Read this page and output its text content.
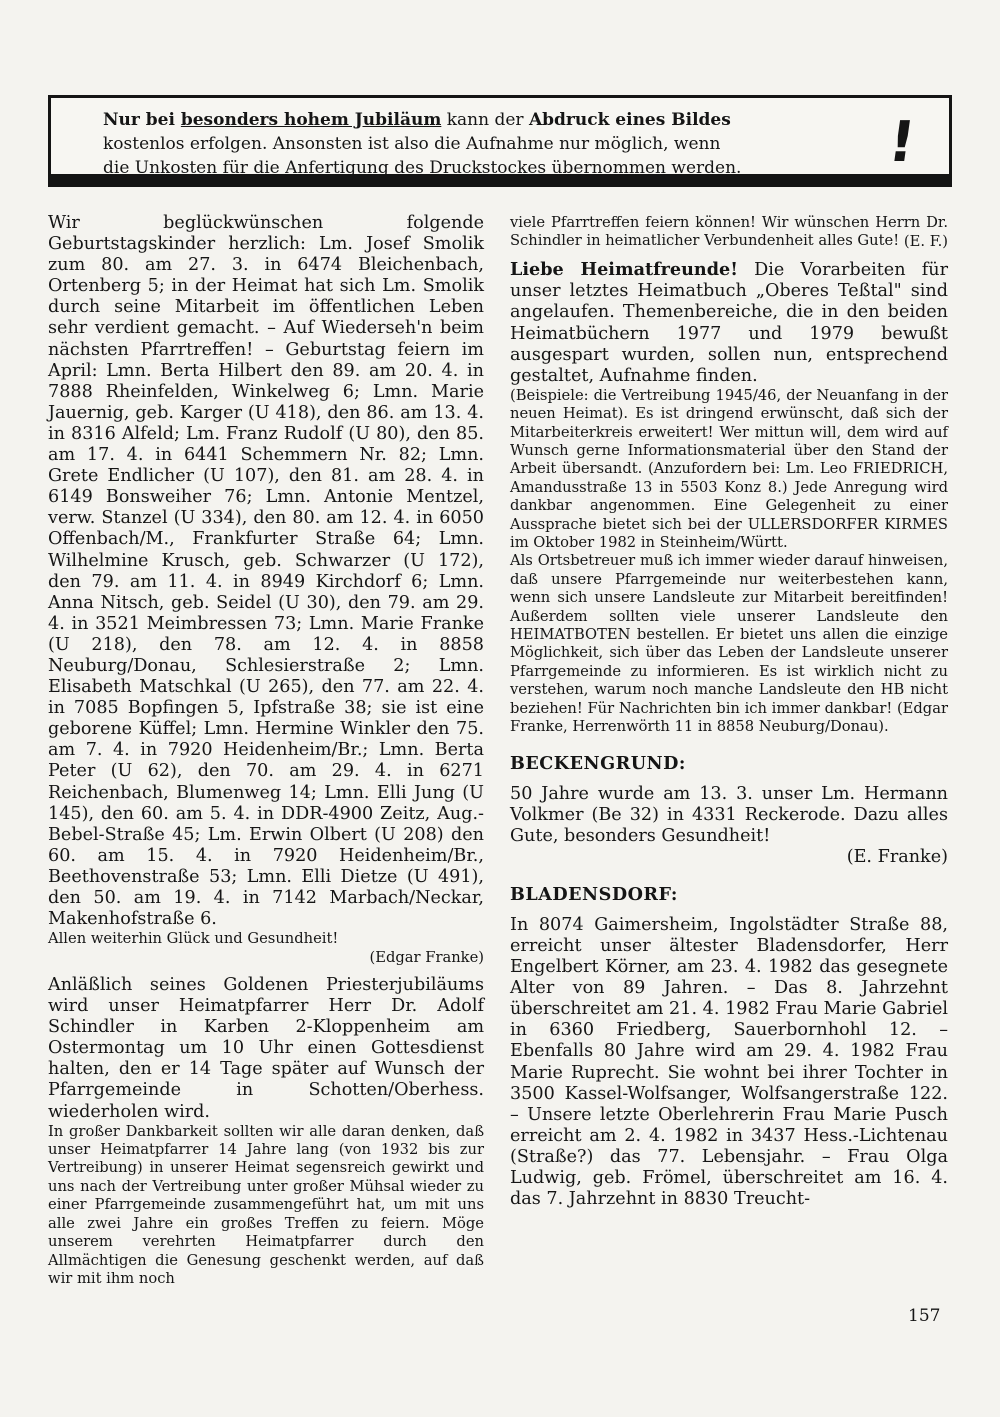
Nur bei besonders hohem Jubiläum kann der Abdruck eines Bildes
kostenlos erfolgen. Ansonsten ist also die Aufnahme nur möglich, wenn
die Unkosten für die Anfertigung des Druckstockes übernommen werden.	!

Wir beglückwünschen folgende Geburtstagskinder herzlich: Lm. Josef Smolik zum 80. am 27. 3. in 6474 Bleichenbach, Ortenberg 5; in der Heimat hat sich Lm. Smolik durch seine Mitarbeit im öffentlichen Leben sehr verdient gemacht. – Auf Wiederseh'n beim nächsten Pfarrtreffen! – Geburtstag feiern im April: Lmn. Berta Hilbert den 89. am 20. 4. in 7888 Rheinfelden, Winkelweg 6; Lmn. Marie Jauernig, geb. Karger (U 418), den 86. am 13. 4. in 8316 Alfeld; Lm. Franz Rudolf (U 80), den 85. am 17. 4. in 6441 Schemmern Nr. 82; Lmn. Grete Endlicher (U 107), den 81. am 28. 4. in 6149 Bonsweiher 76; Lmn. Antonie Mentzel, verw. Stanzel (U 334), den 80. am 12. 4. in 6050 Offenbach/M., Frankfurter Straße 64; Lmn. Wilhelmine Krusch, geb. Schwarzer (U 172), den 79. am 11. 4. in 8949 Kirchdorf 6; Lmn. Anna Nitsch, geb. Seidel (U 30), den 79. am 29. 4. in 3521 Meimbressen 73; Lmn. Marie Franke (U 218), den 78. am 12. 4. in 8858 Neuburg/Donau, Schlesierstraße 2; Lmn. Elisabeth Matschkal (U 265), den 77. am 22. 4. in 7085 Bopfingen 5, Ipfstraße 38; sie ist eine geborene Küffel; Lmn. Hermine Winkler den 75. am 7. 4. in 7920 Heidenheim/Br.; Lmn. Berta Peter (U 62), den 70. am 29. 4. in 6271 Reichenbach, Blumenweg 14; Lmn. Elli Jung (U 145), den 60. am 5. 4. in DDR-4900 Zeitz, Aug.-Bebel-Straße 45; Lm. Erwin Olbert (U 208) den 60. am 15. 4. in 7920 Heidenheim/Br., Beethovenstraße 53; Lmn. Elli Dietze (U 491), den 50. am 19. 4. in 7142 Marbach/Neckar, Makenhofstraße 6.

Allen weiterhin Glück und Gesundheit!

(Edgar Franke)

Anläßlich seines Goldenen Priesterjubiläums wird unser Heimatpfarrer Herr Dr. Adolf Schindler in Karben 2-Kloppenheim am Ostermontag um 10 Uhr einen Gottesdienst halten, den er 14 Tage später auf Wunsch der Pfarrgemeinde in Schotten/Oberhess. wiederholen wird.

In großer Dankbarkeit sollten wir alle daran denken, daß unser Heimatpfarrer 14 Jahre lang (von 1932 bis zur Vertreibung) in unserer Heimat segensreich gewirkt und uns nach der Vertreibung unter großer Mühsal wieder zu einer Pfarrgemeinde zusammengeführt hat, um mit uns alle zwei Jahre ein großes Treffen zu feiern. Möge unserem verehrten Heimatpfarrer durch den Allmächtigen die Genesung geschenkt werden, auf daß wir mit ihm noch

viele Pfarrtreffen feiern können! Wir wünschen Herrn Dr. Schindler in heimatlicher Verbundenheit alles Gute! (E. F.)

Liebe Heimatfreunde! Die Vorarbeiten für unser letztes Heimatbuch „Oberes Teßtal" sind angelaufen. Themenbereiche, die in den beiden Heimatbüchern 1977 und 1979 bewußt ausgespart wurden, sollen nun, entsprechend gestaltet, Aufnahme finden.

(Beispiele: die Vertreibung 1945/46, der Neuanfang in der neuen Heimat). Es ist dringend erwünscht, daß sich der Mitarbeiterkreis erweitert! Wer mittun will, dem wird auf Wunsch gerne Informationsmaterial über den Stand der Arbeit übersandt. (Anzufordern bei: Lm. Leo FRIEDRICH, Amandusstraße 13 in 5503 Konz 8.) Jede Anregung wird dankbar angenommen. Eine Gelegenheit zu einer Aussprache bietet sich bei der ULLERSDORFER KIRMES im Oktober 1982 in Steinheim/Württ.

Als Ortsbetreuer muß ich immer wieder darauf hinweisen, daß unsere Pfarrgemeinde nur weiterbestehen kann, wenn sich unsere Landsleute zur Mitarbeit bereitfinden! Außerdem sollten viele unserer Landsleute den HEIMATBOTEN bestellen. Er bietet uns allen die einzige Möglichkeit, sich über das Leben der Landsleute unserer Pfarrgemeinde zu informieren. Es ist wirklich nicht zu verstehen, warum noch manche Landsleute den HB nicht beziehen! Für Nachrichten bin ich immer dankbar! (Edgar Franke, Herrenwörth 11 in 8858 Neuburg/Donau).

BECKENGRUND:

50 Jahre wurde am 13. 3. unser Lm. Hermann Volkmer (Be 32) in 4331 Reckerode. Dazu alles Gute, besonders Gesundheit!

(E. Franke)

BLADENSDORF:

In 8074 Gaimersheim, Ingolstädter Straße 88, erreicht unser ältester Bladensdorfer, Herr Engelbert Körner, am 23. 4. 1982 das gesegnete Alter von 89 Jahren. – Das 8. Jahrzehnt überschreitet am 21. 4. 1982 Frau Marie Gabriel in 6360 Friedberg, Sauerbornhohl 12. – Ebenfalls 80 Jahre wird am 29. 4. 1982 Frau Marie Ruprecht. Sie wohnt bei ihrer Tochter in 3500 Kassel-Wolfsanger, Wolfsangerstraße 122. – Unsere letzte Oberlehrerin Frau Marie Pusch erreicht am 2. 4. 1982 in 3437 Hess.-Lichtenau (Straße?) das 77. Lebensjahr. – Frau Olga Ludwig, geb. Frömel, überschreitet am 16. 4. das 7. Jahrzehnt in 8830 Treucht-

157
